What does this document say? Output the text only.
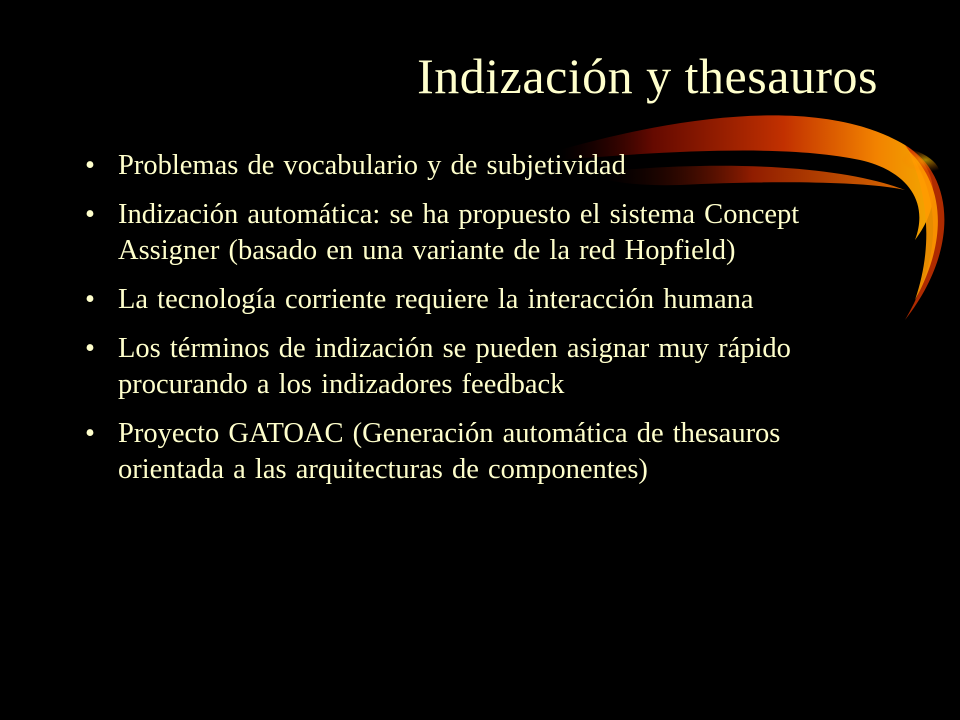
Indización y thesauros
• Problemas de vocabulario y de subjetividad
• Indización automática: se ha propuesto el sistema Concept Assigner (basado en una variante de la red Hopfield)
• La tecnología corriente requiere la interacción humana
• Los términos de indización se pueden asignar muy rápido procurando a los indizadores feedback
• Proyecto GATOAC (Generación automática de thesauros orientada a las arquitecturas de componentes)
